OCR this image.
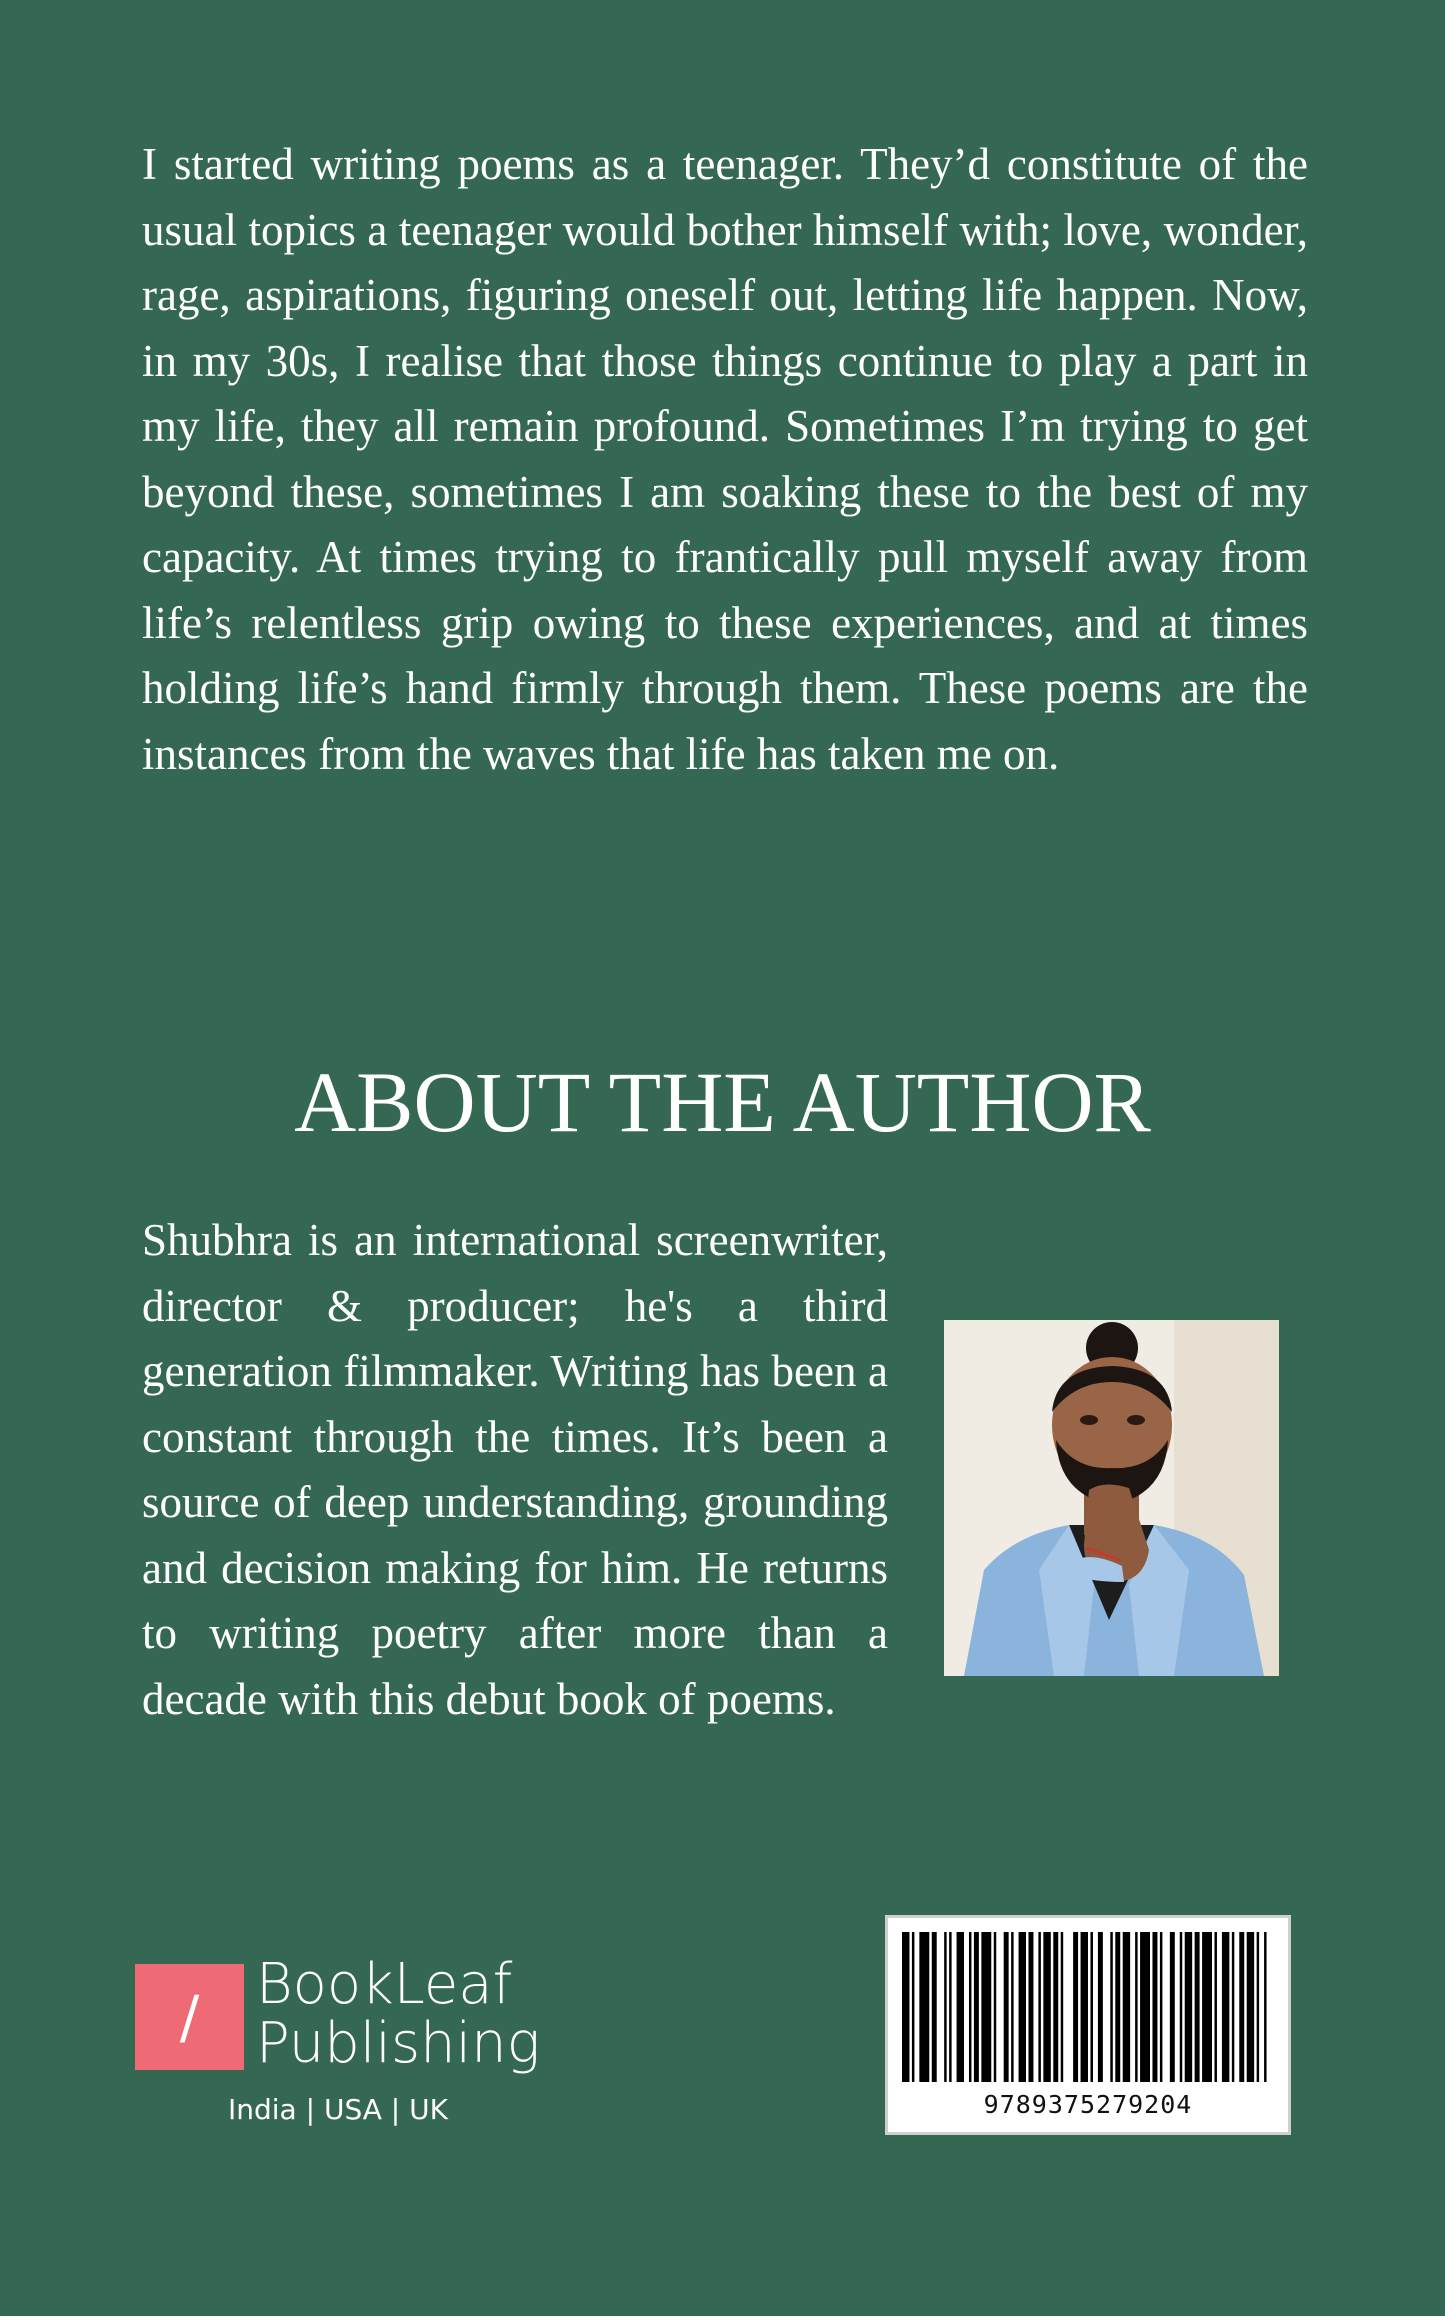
I started writing poems as a teenager. They’d constitute of the usual topics a teenager would bother himself with; love, wonder, rage, aspirations, figuring oneself out, letting life happen. Now, in my 30s, I realise that those things continue to play a part in my life, they all remain profound. Sometimes I’m trying to get beyond these, sometimes I am soaking these to the best of my capacity. At times trying to frantically pull myself away from life’s relentless grip owing to these experiences, and at times holding life’s hand firmly through them. These poems are the instances from the waves that life has taken me on.

ABOUT THE AUTHOR

Shubhra is an international screenwriter, director & producer; he's a third generation filmmaker. Writing has been a constant through the times. It’s been a source of deep understanding, grounding and decision making for him. He returns to writing poetry after more than a decade with this debut book of poems.

/	BookLeaf
Publishing
India | USA | UK	9789375279204
